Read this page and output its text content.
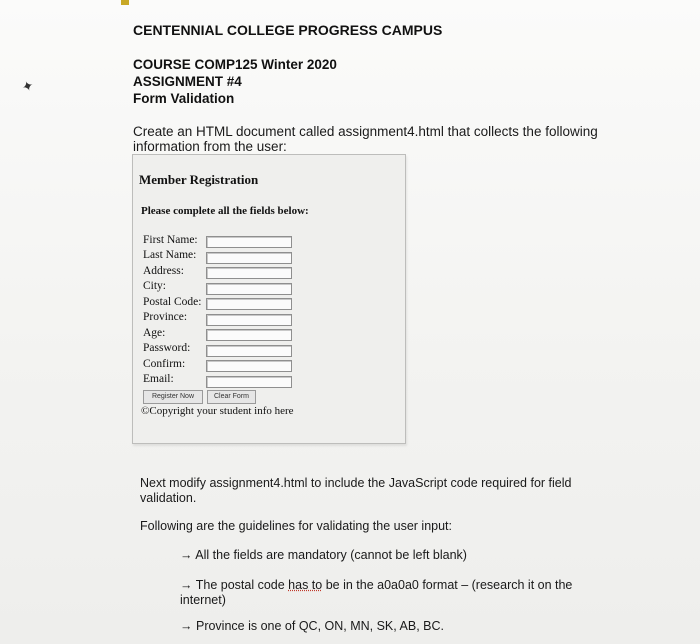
✦
CENTENNIAL COLLEGE PROGRESS CAMPUS
COURSE COMP125 Winter 2020
ASSIGNMENT #4
Form Validation
Create an HTML document called assignment4.html that collects the following information from the user:
Member Registration
Please complete all the fields below:
First Name:
Last Name:
Address:
City:
Postal Code:
Province:
Age:
Password:
Confirm:
Email:
Register Now	Clear Form
©Copyright your student info here
Next modify assignment4.html to include the JavaScript code required for field validation.
Following are the guidelines for validating the user input:
→ All the fields are mandatory (cannot be left blank)
→ The postal code has to be in the a0a0a0 format – (research it on the internet)
→ Province is one of QC, ON, MN, SK, AB, BC.
